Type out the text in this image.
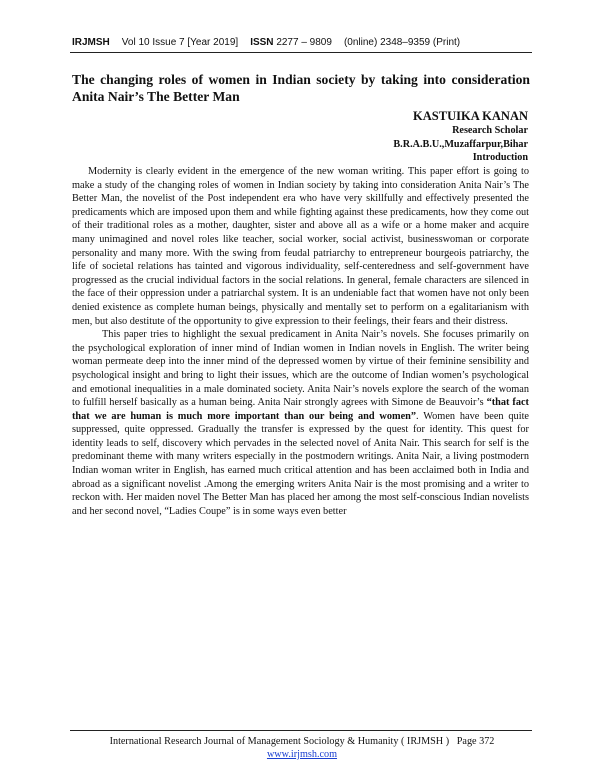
IRJMSH Vol 10 Issue 7 [Year 2019] ISSN 2277 – 9809 (0nline) 2348–9359 (Print)
The changing roles of women in Indian society by taking into consideration Anita Nair’s The Better Man
KASTUIKA KANAN
Research Scholar
B.R.A.B.U.,Muzaffarpur,Bihar
Introduction

Modernity is clearly evident in the emergence of the new woman writing. This paper effort is going to make a study of the changing roles of women in Indian society by taking into consideration Anita Nair’s The Better Man, the novelist of the Post independent era who have very skillfully and effectively presented the predicaments which are imposed upon them and while fighting against these predicaments, how they come out of their traditional roles as a mother, daughter, sister and above all as a wife or a home maker and acquire many unimagined and novel roles like teacher, social worker, social activist, businesswoman or corporate personality and many more. With the swing from feudal patriarchy to entrepreneur bourgeois patriarchy, the life of societal relations has tainted and vigorous individuality, self-centeredness and self-government have progressed as the crucial individual factors in the social relations. In general, female characters are silenced in the face of their oppression under a patriarchal system. It is an undeniable fact that women have not only been denied existence as complete human beings, physically and mentally set to perform on a egalitarianism with men, but also destitute of the opportunity to give expression to their feelings, their fears and their distress.

This paper tries to highlight the sexual predicament in Anita Nair’s novels. She focuses primarily on the psychological exploration of inner mind of Indian women in Indian novels in English. The writer being woman permeate deep into the inner mind of the depressed women by virtue of their feminine sensibility and psychological insight and bring to light their issues, which are the outcome of Indian women’s psychological and emotional inequalities in a male dominated society. Anita Nair’s novels explore the search of the woman to fulfill herself basically as a human being. Anita Nair strongly agrees with Simone de Beauvoir’s “that fact that we are human is much more important than our being and women”. Women have been quite suppressed, quite oppressed. Gradually the transfer is expressed by the quest for identity. This quest for identity leads to self, discovery which pervades in the selected novel of Anita Nair. This search for self is the predominant theme with many writers especially in the postmodern writings. Anita Nair, a living postmodern Indian woman writer in English, has earned much critical attention and has been acclaimed both in India and abroad as a significant novelist .Among the emerging writers Anita Nair is the most promising and a writer to reckon with. Her maiden novel The Better Man has placed her among the most self-conscious Indian novelists and her second novel, “Ladies Coupe” is in some ways even better

International Research Journal of Management Sociology & Humanity ( IRJMSH ) Page 372
www.irjmsh.com
